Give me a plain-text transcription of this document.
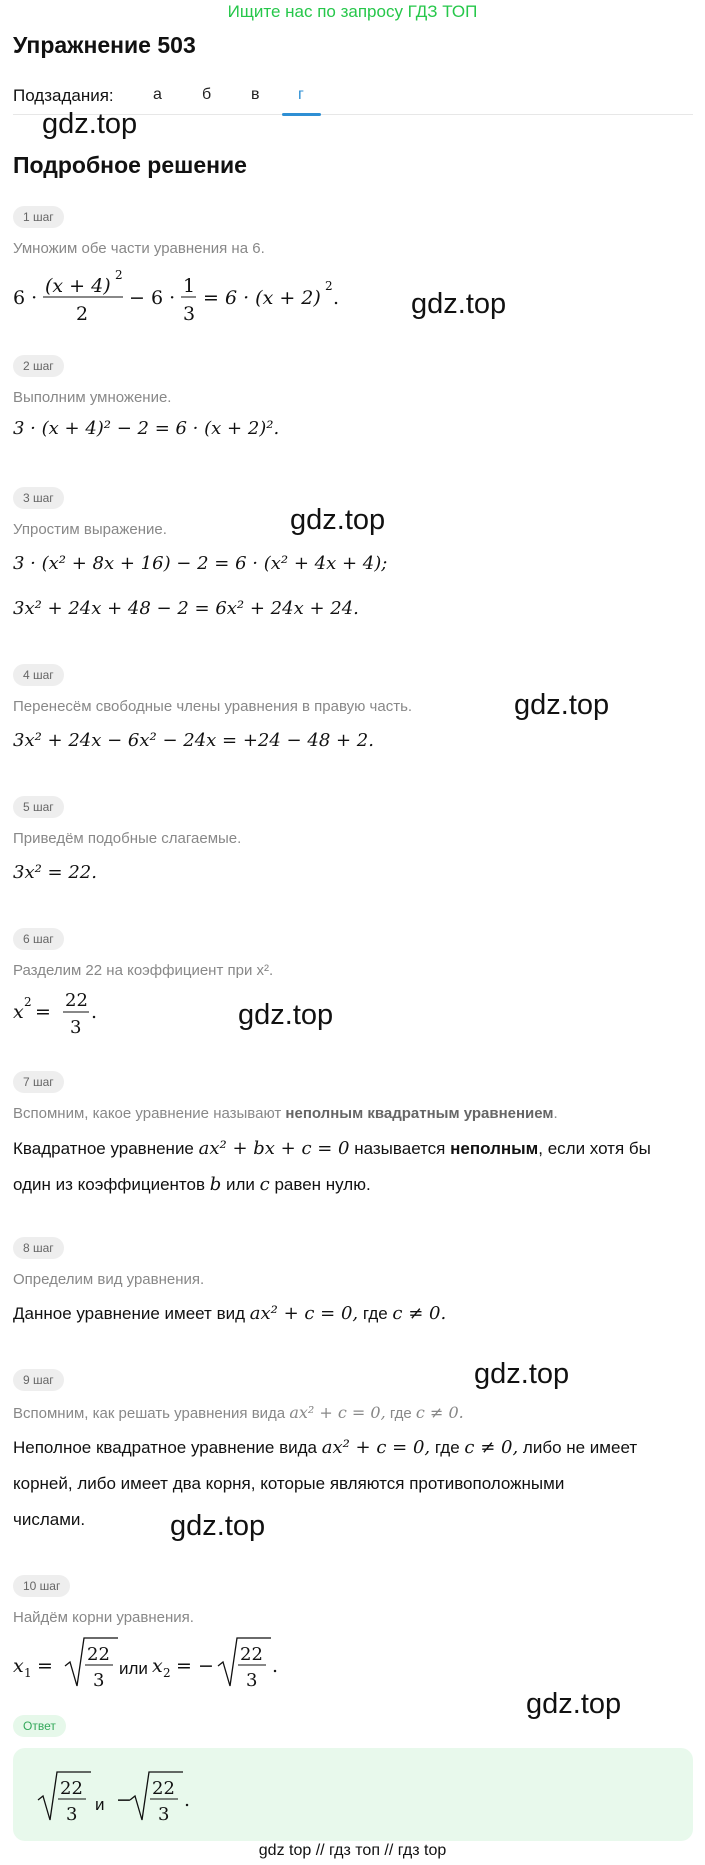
Ищите нас по запросу ГДЗ ТОП
Упражнение 503
Подзадания: а	б в г
Подробное решение
gdz.top
gdz.top
gdz.top
gdz.top
gdz.top
gdz.top
gdz.top
gdz.top
1 шаг
Умножим обе части уравнения на 6.
6 ·
(x + 4) 2
2
− 6 ·
1
3
= 6 · (x + 2)
2
.
2 шаг
Выполним умножение.
3 · (x + 4)² − 2 = 6 · (x + 2)².
3 шаг
Упростим выражение.
3 · (x² + 8x + 16) − 2 = 6 · (x² + 4x + 4);
3x² + 24x + 48 − 2 = 6x² + 24x + 24.
4 шаг
Перенесём свободные члены уравнения в правую часть.
3x² + 24x − 6x² − 24x = +24 − 48 + 2.
5 шаг
Приведём подобные слагаемые.
3x² = 22.
6 шаг
Разделим 22 на коэффициент при x².
x 2 =
22
3
.
7 шаг
Вспомним, какое уравнение называют неполным квадратным уравнением.
Квадратное уравнение ax² + bx + c = 0 называется неполным, если хотя бы
один из коэффициентов b или c равен нулю.
8 шаг
Определим вид уравнения.
Данное уравнение имеет вид ax² + c = 0, где c ≠ 0.
9 шаг
Вспомним, как решать уравнения вида ax² + c = 0, где c ≠ 0.
Неполное квадратное уравнение вида ax² + c = 0, где c ≠ 0, либо не имеет
корней, либо имеет два корня, которые являются противоположными
числами.
10 шаг
Найдём корни уравнения.
x 1 =
22
3
x 2 = −
22
3
.
или
Ответ
22
3
−
22
3
.
и
gdz top // гдз топ // гдз top
